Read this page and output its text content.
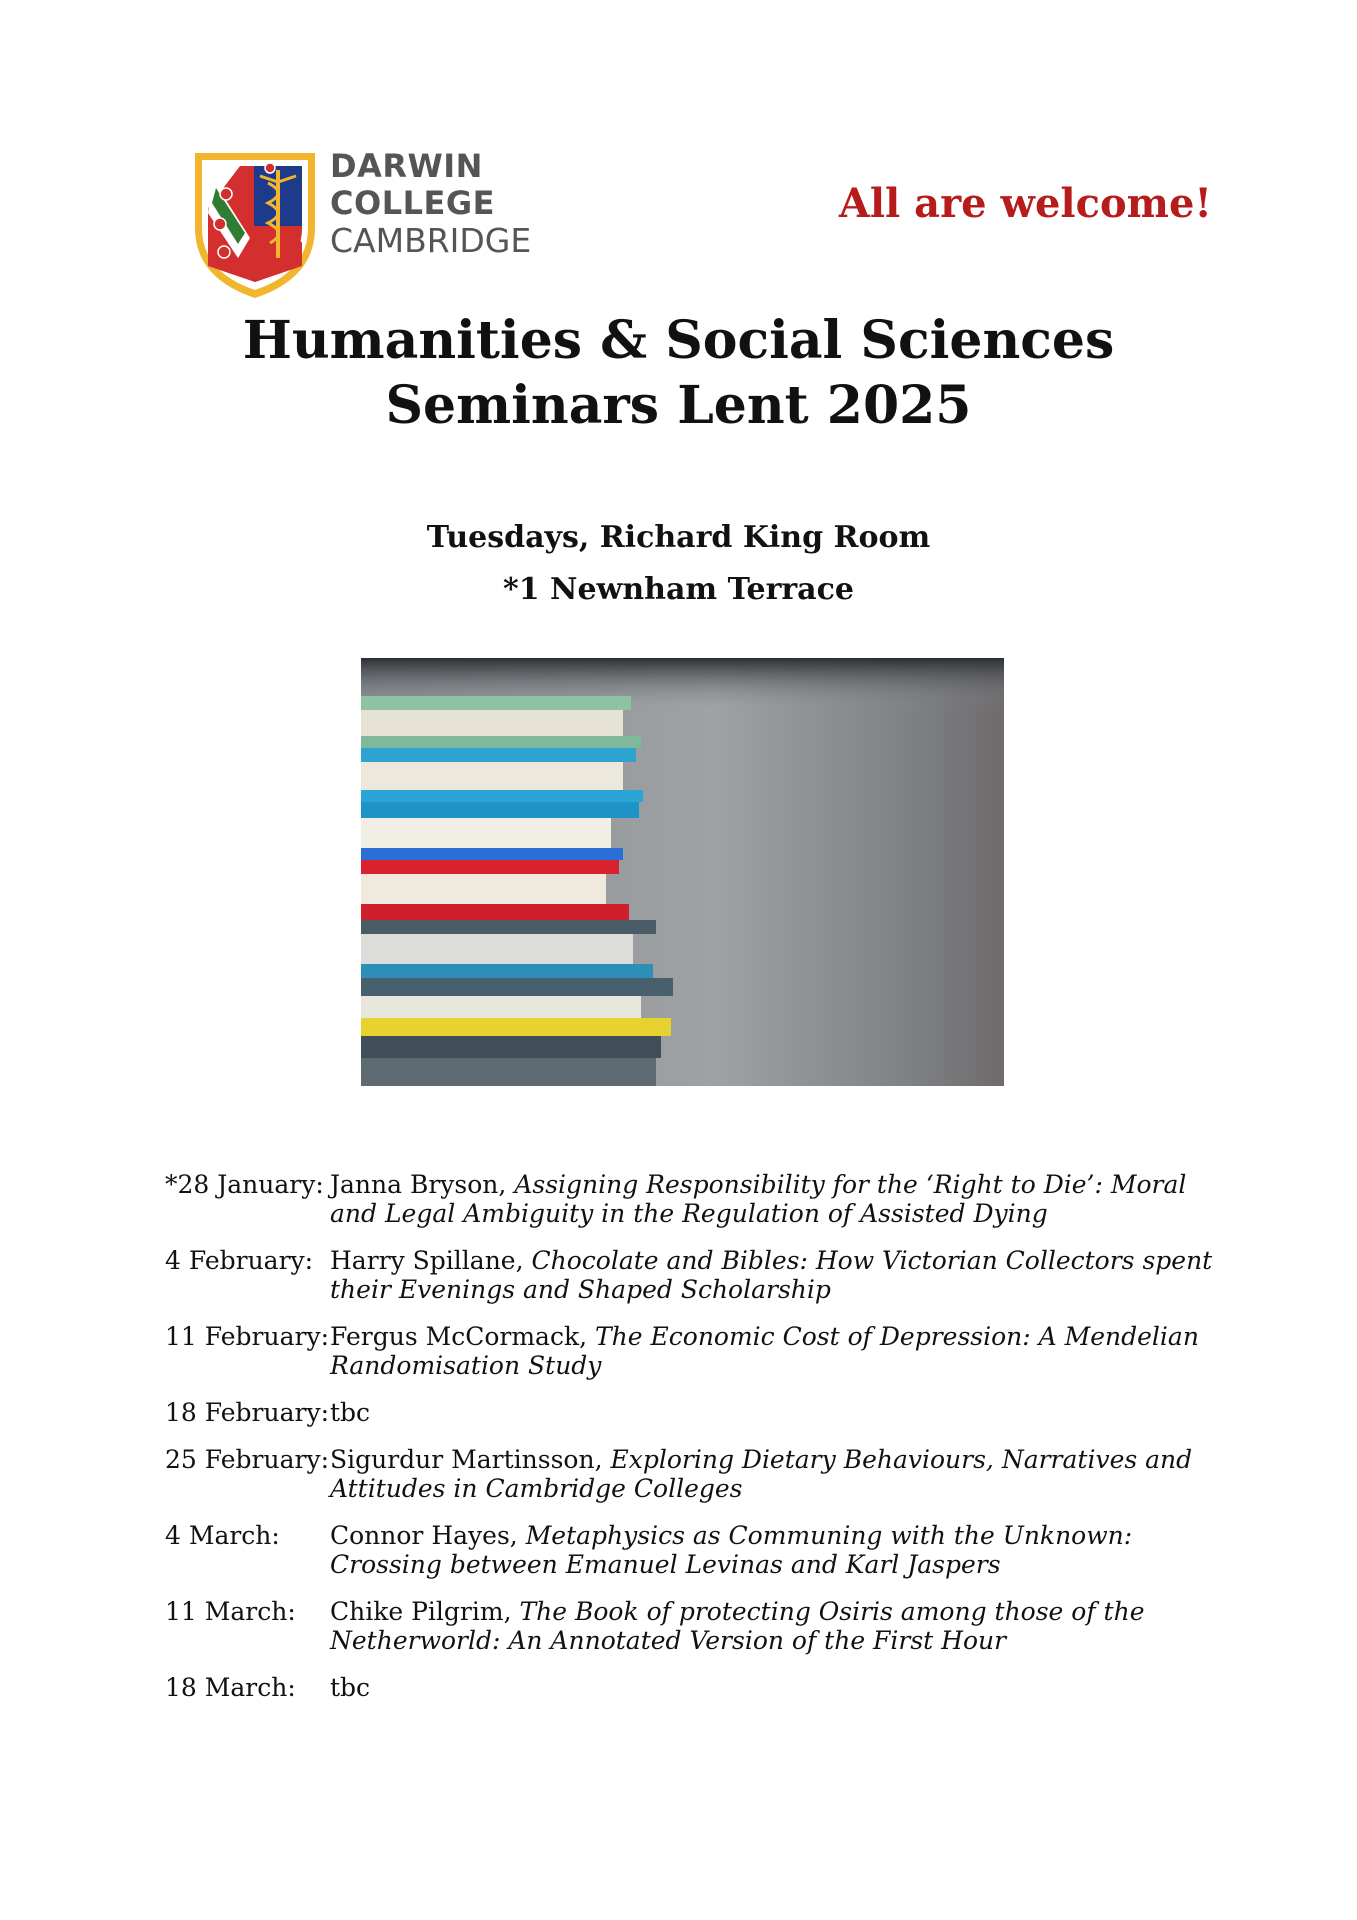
DARWIN COLLEGE
CAMBRIDGE
All are welcome!
Humanities & Social Sciences
Seminars Lent 2025
Tuesdays, Richard King Room
*1 Newnham Terrace
*28 January: Janna Bryson, Assigning Responsibility for the ‘Right to Die’: Moral and Legal Ambiguity in the Regulation of Assisted Dying
4 February: Harry Spillane, Chocolate and Bibles: How Victorian Collectors spent their Evenings and Shaped Scholarship
11 February: Fergus McCormack, The Economic Cost of Depression: A Mendelian Randomisation Study
18 February: tbc
25 February: Sigurdur Martinsson, Exploring Dietary Behaviours, Narratives and Attitudes in Cambridge Colleges
4 March:	Connor Hayes, Metaphysics as Communing with the Unknown: Crossing between Emanuel Levinas and Karl Jaspers
11 March:	Chike Pilgrim, The Book of protecting Osiris among those of the Netherworld: An Annotated Version of the First Hour
18 March:	tbc
